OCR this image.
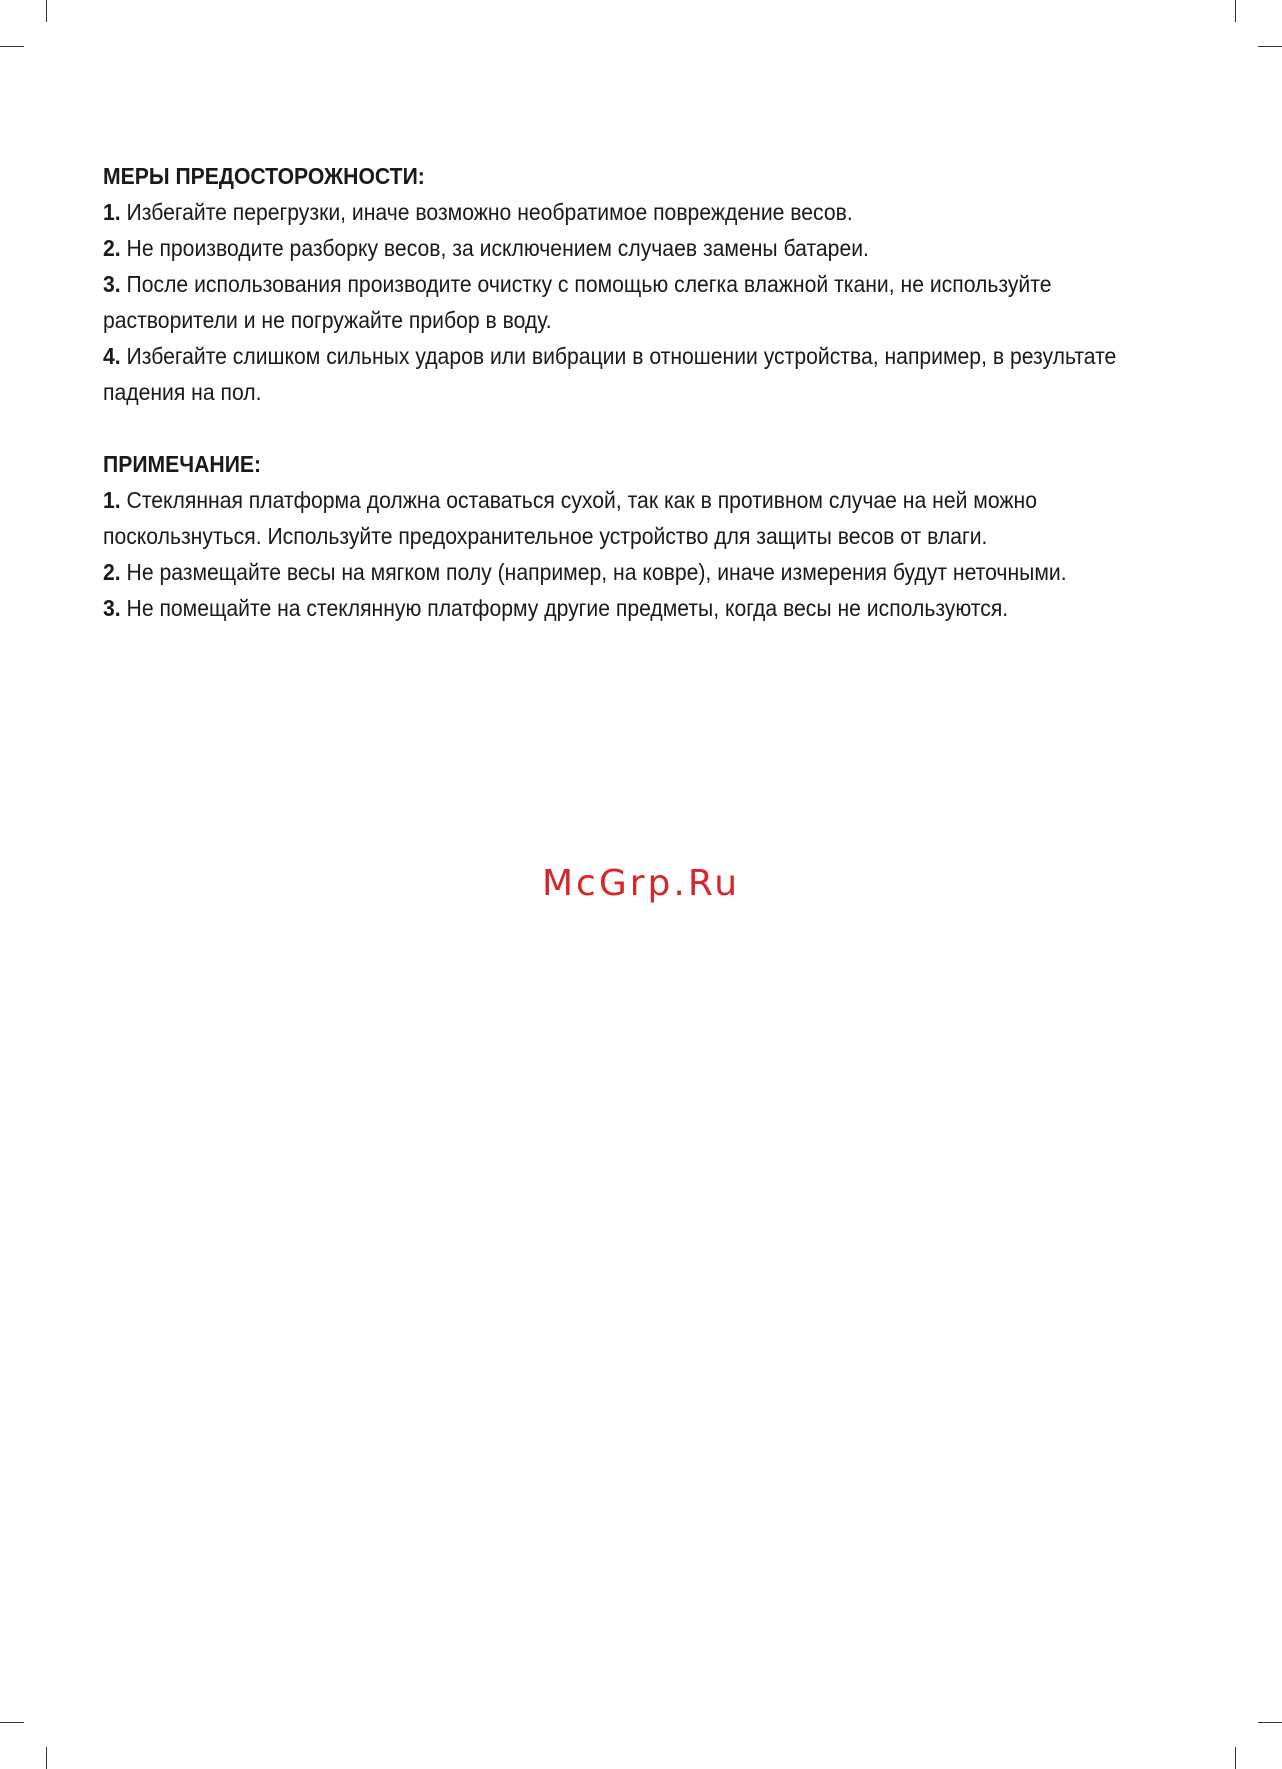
МЕРЫ ПРЕДОСТОРОЖНОСТИ:

1. Избегайте перегрузки, иначе возможно необратимое повреждение весов.

2. Не производите разборку весов, за исключением случаев замены батареи.

3. После использования производите очистку с помощью слегка влажной ткани, не используйте растворители и не погружайте прибор в воду.

4. Избегайте слишком сильных ударов или вибрации в отношении устройства, например, в результате падения на пол.

ПРИМЕЧАНИЕ:

1. Стеклянная платформа должна оставаться сухой, так как в противном случае на ней можно поскользнуться. Используйте предохранительное устройство для защиты весов от влаги.

2. Не размещайте весы на мягком полу (например, на ковре), иначе измерения будут неточными.

3. Не помещайте на стеклянную платформу другие предметы, когда весы не используются.

McGrp.Ru
